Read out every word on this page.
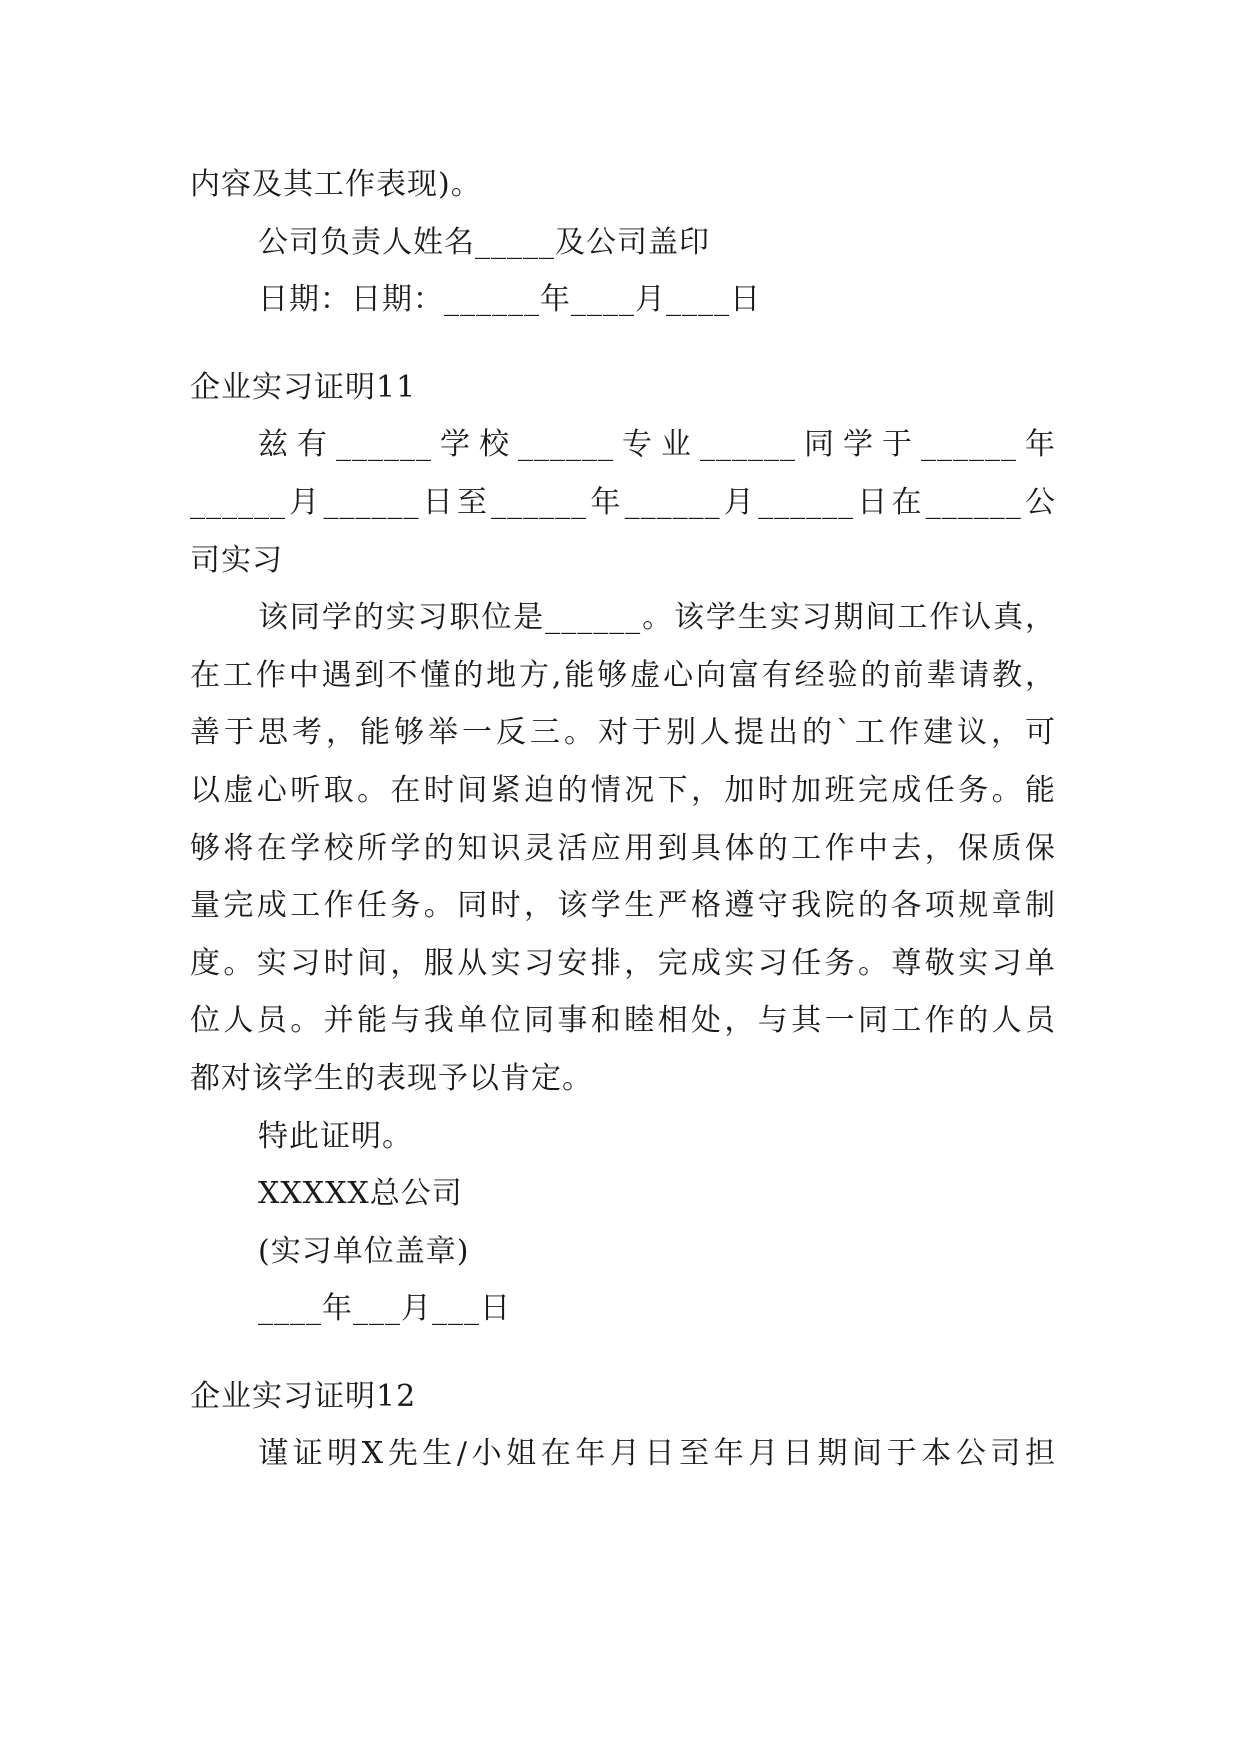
内容及其工作表现)。
公司负责人姓名_____及公司盖印
日期：日期：______年____月____日
企业实习证明11
兹有______学校______专业______同学于______年
______月______日至______年______月______日在______公
司实习
该同学的实习职位是______。该学生实习期间工作认真，
在工作中遇到不懂的地方,能够虚心向富有经验的前辈请教，
善于思考，能够举一反三。对于别人提出的`工作建议，可
以虚心听取。在时间紧迫的情况下，加时加班完成任务。能
够将在学校所学的知识灵活应用到具体的工作中去，保质保
量完成工作任务。同时，该学生严格遵守我院的各项规章制
度。实习时间，服从实习安排，完成实习任务。尊敬实习单
位人员。并能与我单位同事和睦相处，与其一同工作的人员
都对该学生的表现予以肯定。
特此证明。
XXXXX总公司
(实习单位盖章)
____年___月___日
企业实习证明12
谨证明X先生/小姐在年月日至年月日期间于本公司担
